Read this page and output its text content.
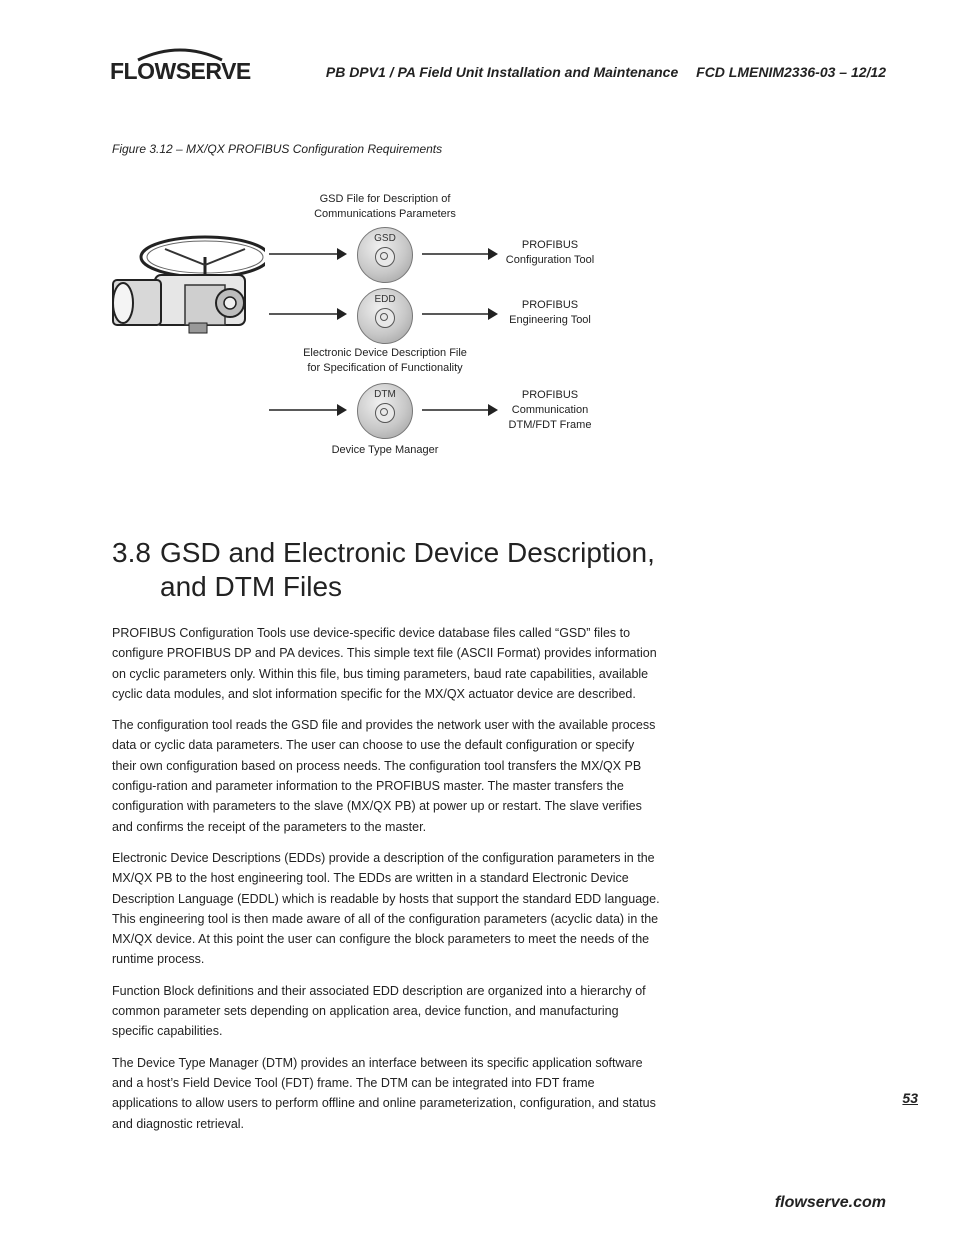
FLOWSERVE	PB DPV1 / PA Field Unit Installation and Maintenance FCD LMENIM2336-03 – 12/12
Figure 3.12 – MX/QX PROFIBUS Configuration Requirements
GSD File for Description of
Communications Parameters
GSD
EDD
Electronic Device Description File
for Specification of Functionality
DTM
Device Type Manager
PROFIBUS
Configuration Tool
PROFIBUS
Engineering Tool
PROFIBUS
Communication
DTM/FDT Frame
3.8 GSD and Electronic Device Description,
and DTM Files

PROFIBUS Configuration Tools use device-specific device database files called “GSD” files to configure PROFIBUS DP and PA devices. This simple text file (ASCII Format) provides information on cyclic parameters only. Within this file, bus timing parameters, baud rate capabilities, available cyclic data modules, and slot information specific for the MX/QX actuator device are described.

The configuration tool reads the GSD file and provides the network user with the available process data or cyclic data parameters. The user can choose to use the default configuration or specify their own configuration based on process needs. The configuration tool transfers the MX/QX PB configu-ration and parameter information to the PROFIBUS master. The master transfers the configuration with parameters to the slave (MX/QX PB) at power up or restart. The slave verifies and confirms the receipt of the parameters to the master.

Electronic Device Descriptions (EDDs) provide a description of the configuration parameters in the MX/QX PB to the host engineering tool. The EDDs are written in a standard Electronic Device Description Language (EDDL) which is readable by hosts that support the standard EDD language. This engineering tool is then made aware of all of the configuration parameters (acyclic data) in the MX/QX device. At this point the user can configure the block parameters to meet the needs of the runtime process.

Function Block definitions and their associated EDD description are organized into a hierarchy of common parameter sets depending on application area, device function, and manufacturing specific capabilities.

The Device Type Manager (DTM) provides an interface between its specific application software and a host’s Field Device Tool (FDT) frame. The DTM can be integrated into FDT frame applications to allow users to perform offline and online parameterization, configuration, and status and diagnostic retrieval.

53
flowserve.com
